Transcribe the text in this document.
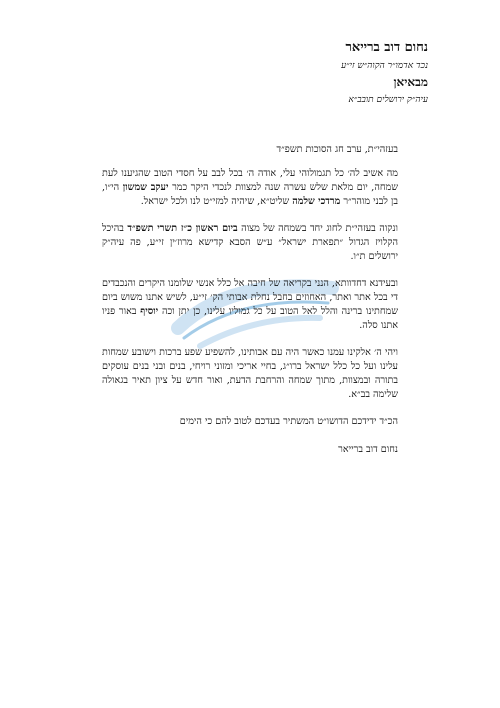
נחום דוב ברייאר
נכד אדמו״ר הקוה״ש זי״ע
מבאיאן
עיה״ק ירושלים תובב״א

בעזהי״ת, ערב חג הסוכות תשפ״ד

מה אשיב לה׳ כל תגמולוהי עלי, אודה ה׳ בכל לבב על חסדי הטוב שהגיענו לעת שמחה, יום מלאת שלש עשרה שנה למצוות לנכדי היקר כמר יעקב שמשון הי״ו, בן לבני מוהר״ר מרדכי שלמה שליט״א, שיהיה למזי״ט לנו ולכל ישראל.

ונקוה בעזהי״ת לחוג יחד בשמחה של מצוה ביום ראשון כ״ז תשרי תשפ״ד בהיכל הקלויז הגדול ״תפארת ישראל״ ע״ש הסבא קדישא מרוז׳ין זי״ע, פה עיה״ק ירושלים ת״ו.

ובעידנא דחדוותא, הנני בקריאה של חיבה אל כלל אנשי שלומנו היקרים והנכבדים די בכל אתר ואתר, האחוזים בחבל נחלת אבותי הק׳ זי״ע, לשיש אתנו משוש ביום שמחתינו ברינה והלל לאל הטוב על כל גמוליו עלינו, כן יתן וכה יוסיף באור פניו אתנו סלה.

ויהי ה׳ אלקינו עמנו כאשר היה עם אבותינו, להשפיע שפע ברכות וישובע שמחות עלינו ועל כל כלל ישראל ברו״ג, בחיי אריכי ומזוני רויחי, בנים ובני בנים עוסקים בתורה ובמצוות, מתוך שמחה והרחבת הדעת, ואור חדש על ציון תאיר בגאולה שלימה בב״א.

הכ״ד ידידכם הדושו״ט המשתיר בעדכם לטוב להם כי הימים

נחום דוב ברייאר
